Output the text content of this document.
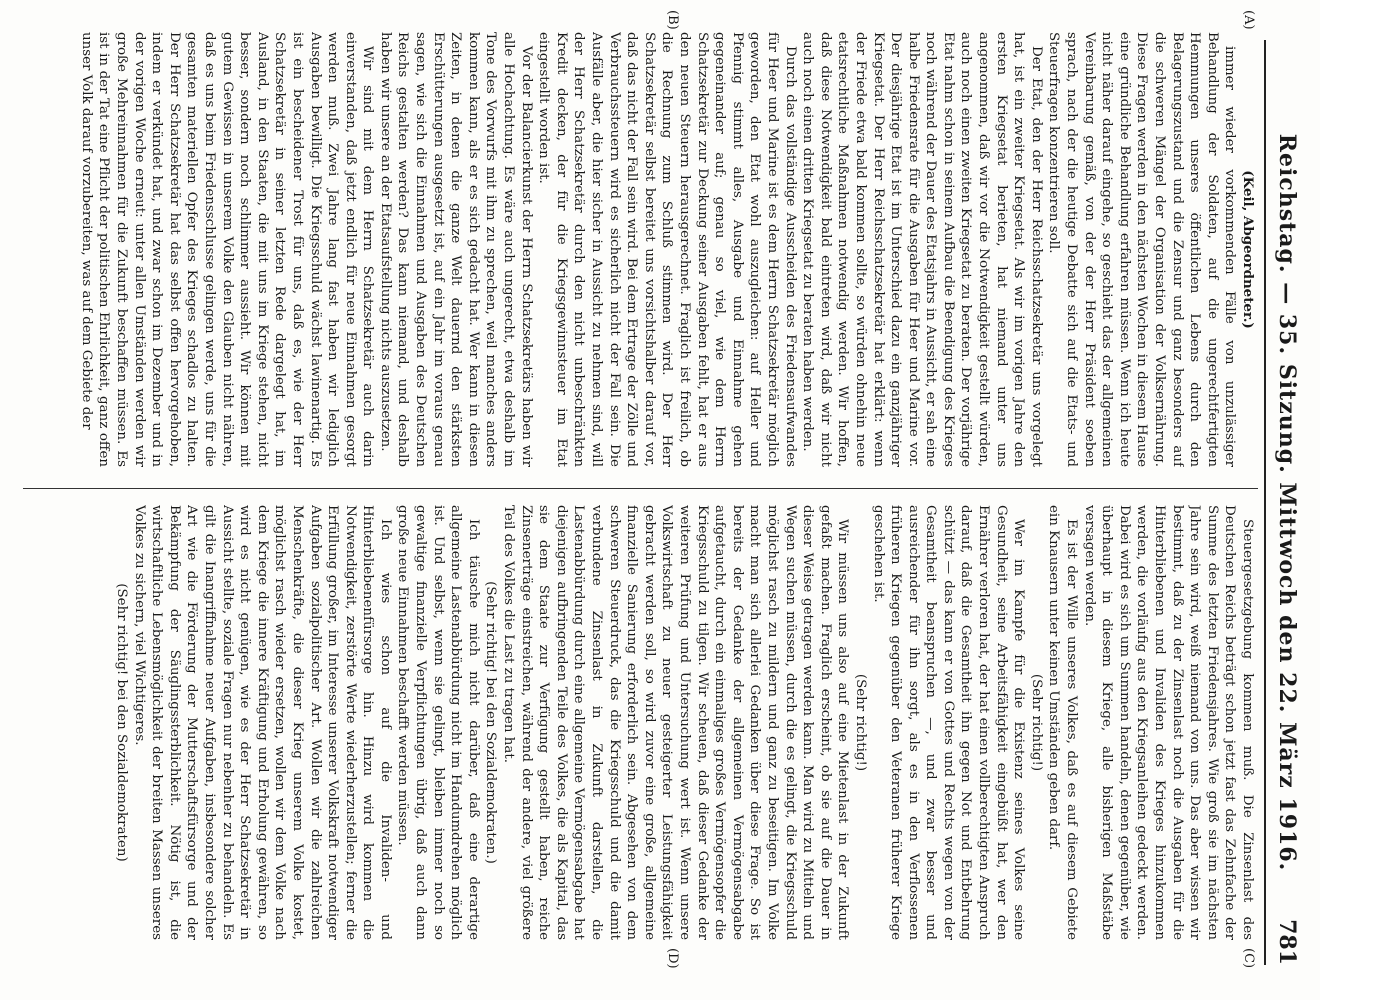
Reichstag. — 35. Sitzung. Mittwoch den 22. März 1916.
781
(A)
(B)
(C)
(D)

(Keil, Abgeordneter.)

immer wieder vorkommenden Fälle von unzulässiger Behandlung der Soldaten, auf die ungerechtfertigten Hemmungen unseres öffentlichen Lebens durch den Belagerungszustand und die Zensur und ganz besonders auf die schweren Mängel der Organisation der Volksernährung. Diese Fragen werden in den nächsten Wochen in diesem Hause eine gründliche Behandlung erfahren müssen. Wenn ich heute nicht näher darauf eingehe, so geschieht das der allgemeinen Vereinbarung gemäß, von der der Herr Präsident soeben sprach, nach der die heutige Debatte sich auf die Etats- und Steuerfragen konzentrieren soll.

Der Etat, den der Herr Reichsschatzsekretär uns vorgelegt hat, ist ein zweiter Kriegsetat. Als wir im vorigen Jahre den ersten Kriegsetat berieten, hat niemand unter uns angenommen, daß wir vor die Notwendigkeit gestellt würden, auch noch einen zweiten Kriegsetat zu beraten. Der vorjährige Etat nahm schon in seinem Aufbau die Beendigung des Krieges noch während der Dauer des Etatsjahrs in Aussicht, er sah eine halbe Friedensrate für die Ausgaben für Heer und Marine vor. Der diesjährige Etat ist im Unterschied dazu ein ganzjähriger Kriegsetat. Der Herr Reichsschatzsekretär hat erklärt: wenn der Friede etwa bald kommen sollte, so würden ohnehin neue etatsrechtliche Maßnahmen notwendig werden. Wir hoffen, daß diese Notwendigkeit bald eintreten wird, daß wir nicht auch noch einen dritten Kriegsetat zu beraten haben werden.

Durch das vollständige Ausscheiden des Friedensaufwandes für Heer und Marine ist es dem Herrn Schatzsekretär möglich geworden, den Etat wohl auszugleichen: auf Heller und Pfennig stimmt alles, Ausgabe und Einnahme gehen gegeneinander auf; genau so viel, wie dem Herrn Schatzsekretär zur Deckung seiner Ausgaben fehlt, hat er aus den neuen Steuern herausgerechnet. Fraglich ist freilich, ob die Rechnung zum Schluß stimmen wird. Der Herr Schatzsekretär selbst bereitet uns vorsichtshalber darauf vor, daß das nicht der Fall sein wird. Bei dem Ertrage der Zölle und Verbrauchssteuern wird es sicherlich nicht der Fall sein. Die Ausfälle aber, die hier sicher in Aussicht zu nehmen sind, will der Herr Schatzsekretär durch den nicht unbeschränkten Kredit decken, der für die Kriegsgewinnsteuer im Etat eingestellt worden ist.

Vor der Balancierkunst der Herrn Schatzsekretärs haben wir alle Hochachtung. Es wäre auch ungerecht, etwa deshalb im Tone des Vorwurfs mit ihm zu sprechen, weil manches anders kommen kann, als er es sich gedacht hat. Wer kann in diesen Zeiten, in denen die ganze Welt dauernd den stärksten Erschütterungen ausgesetzt ist, auf ein Jahr im voraus genau sagen, wie sich die Einnahmen und Ausgaben des Deutschen Reichs gestalten werden? Das kann niemand, und deshalb haben wir unsere an der Etatsaufstellung nichts auszusetzen.

Wir sind mit dem Herrn Schatzsekretär auch darin einverstanden, daß jetzt endlich für neue Einnahmen gesorgt werden muß. Zwei Jahre lang fast haben wir lediglich Ausgaben bewilligt. Die Kriegsschuld wächst lawinenartig. Es ist ein bescheidener Trost für uns, daß es, wie der Herr Schatzsekretär in seiner letzten Rede dargelegt hat, im Ausland, in den Staaten, die mit uns im Kriege stehen, nicht besser, sondern noch schlimmer aussieht. Wir können mit gutem Gewissen in unserem Volke den Glauben nicht nähren, daß es uns beim Friedensschlusse gelingen werde, uns für die gesamten materiellen Opfer des Krieges schadlos zu halten. Der Herr Schatzsekretär hat das selbst offen hervorgehoben, indem er verkündet hat, und zwar schon im Dezember und in der vorigen Woche erneut: unter allen Umständen werden wir große Mehreinnahmen für die Zukunft beschaffen müssen. Es ist in der Tat eine Pflicht der politischen Ehrlichkeit, ganz offen unser Volk darauf vorzubereiten, was auf dem Gebiete der

Steuergesetzgebung kommen muß. Die Zinsenlast des Deutschen Reichs beträgt schon jetzt fast das Zehnfache der Summe des letzten Friedensjahres. Wie groß sie im nächsten Jahre sein wird, weiß niemand von uns. Das aber wissen wir bestimmt, daß zu der Zinsenlast noch die Ausgaben für die Hinterbliebenen und Invaliden des Krieges hinzukommen werden, die vorläufig aus den Kriegsanleihen gedeckt werden. Dabei wird es sich um Summen handeln, denen gegenüber, wie überhaupt in diesem Kriege, alle bisherigen Maßstäbe versagen werden.

Es ist der Wille unseres Volkes, daß es auf diesem Gebiete ein Knausern unter keinen Umständen geben darf.

(Sehr richtig!)

Wer im Kampfe für die Existenz seines Volkes seine Gesundheit, seine Arbeitsfähigkeit eingebüßt hat, wer den Ernährer verloren hat, der hat einen vollberechtigten Anspruch darauf, daß die Gesamtheit ihn gegen Not und Entbehrung schützt — das kann er von Gottes und Rechts wegen von der Gesamtheit beanspruchen —, und zwar besser und ausreichender für ihn sorgt, als es in den Verflossenen früheren Kriegen gegenüber den Veteranen früherer Kriege geschehen ist.

(Sehr richtig!)

Wir müssen uns also auf eine Mietenlast in der Zukunft gefaßt machen. Fraglich erscheint, ob sie auf die Dauer in dieser Weise getragen werden kann. Man wird zu Mitteln und Wegen suchen müssen, durch die es gelingt, die Kriegsschuld möglichst rasch zu mildern und ganz zu beseitigen. Im Volke macht man sich allerlei Gedanken über diese Frage. So ist bereits der Gedanke der allgemeinen Vermögensabgabe aufgetaucht, durch ein einmaliges großes Vermögensopfer die Kriegsschuld zu tilgen. Wir scheuen, daß dieser Gedanke der weiteren Prüfung und Untersuchung wert ist. Wenn unsere Volkswirtschaft zu neuer gesteigerter Leistungsfähigkeit gebracht werden soll, so wird zuvor eine große, allgemeine finanzielle Sanierung erforderlich sein. Abgesehen von dem schweren Steuerdruck, das die Kriegsschuld und die damit verbundene Zinsenlast in Zukunft darstellen, die Lastenabbürdung durch eine allgemeine Vermögensabgabe hat diejenigen aufbringenden Teile des Volkes, die als Kapital, das sie dem Staate zur Verfügung gestellt haben, reiche Zinsenerträge einstreichen, während der andere, viel größere Teil des Volkes die Last zu tragen hat.

(Sehr richtig! bei den Sozialdemokraten.)

Ich täusche mich nicht darüber, daß eine derartige allgemeine Lastenabbürdung nicht im Handumdrehen möglich ist. Und selbst, wenn sie gelingt, bleiben immer noch so gewaltige finanzielle Verpflichtungen übrig, daß auch dann große neue Einnahmen beschafft werden müssen.

Ich wies schon auf die Invaliden- und Hinterbliebenenfürsorge hin. Hinzu wird kommen die Notwendigkeit, zerstörte Werte wiederherzustellen; ferner die Erfüllung großer, im Interesse unserer Volkskraft notwendiger Aufgaben sozialpolitischer Art. Wollen wir die zahlreichen Menschenkräfte, die dieser Krieg unserem Volke kostet, möglichst rasch wieder ersetzen, wollen wir dem Volke nach dem Kriege die innere Kräftigung und Erholung gewähren, so wird es nicht genügen, wie es der Herr Schatzsekretär in Aussicht stellte, soziale Fragen nur nebenher zu behandeln. Es gilt die Inangriffnahme neuer Aufgaben, insbesondere solcher Art wie die Förderung der Mutterschaftsfürsorge und der Bekämpfung der Säuglingssterblichkeit. Nötig ist, die wirtschaftliche Lebensmöglichkeit der breiten Massen unseres Volkes zu sichern, viel Wichtigeres.

(Sehr richtig! bei den Sozialdemokraten)
